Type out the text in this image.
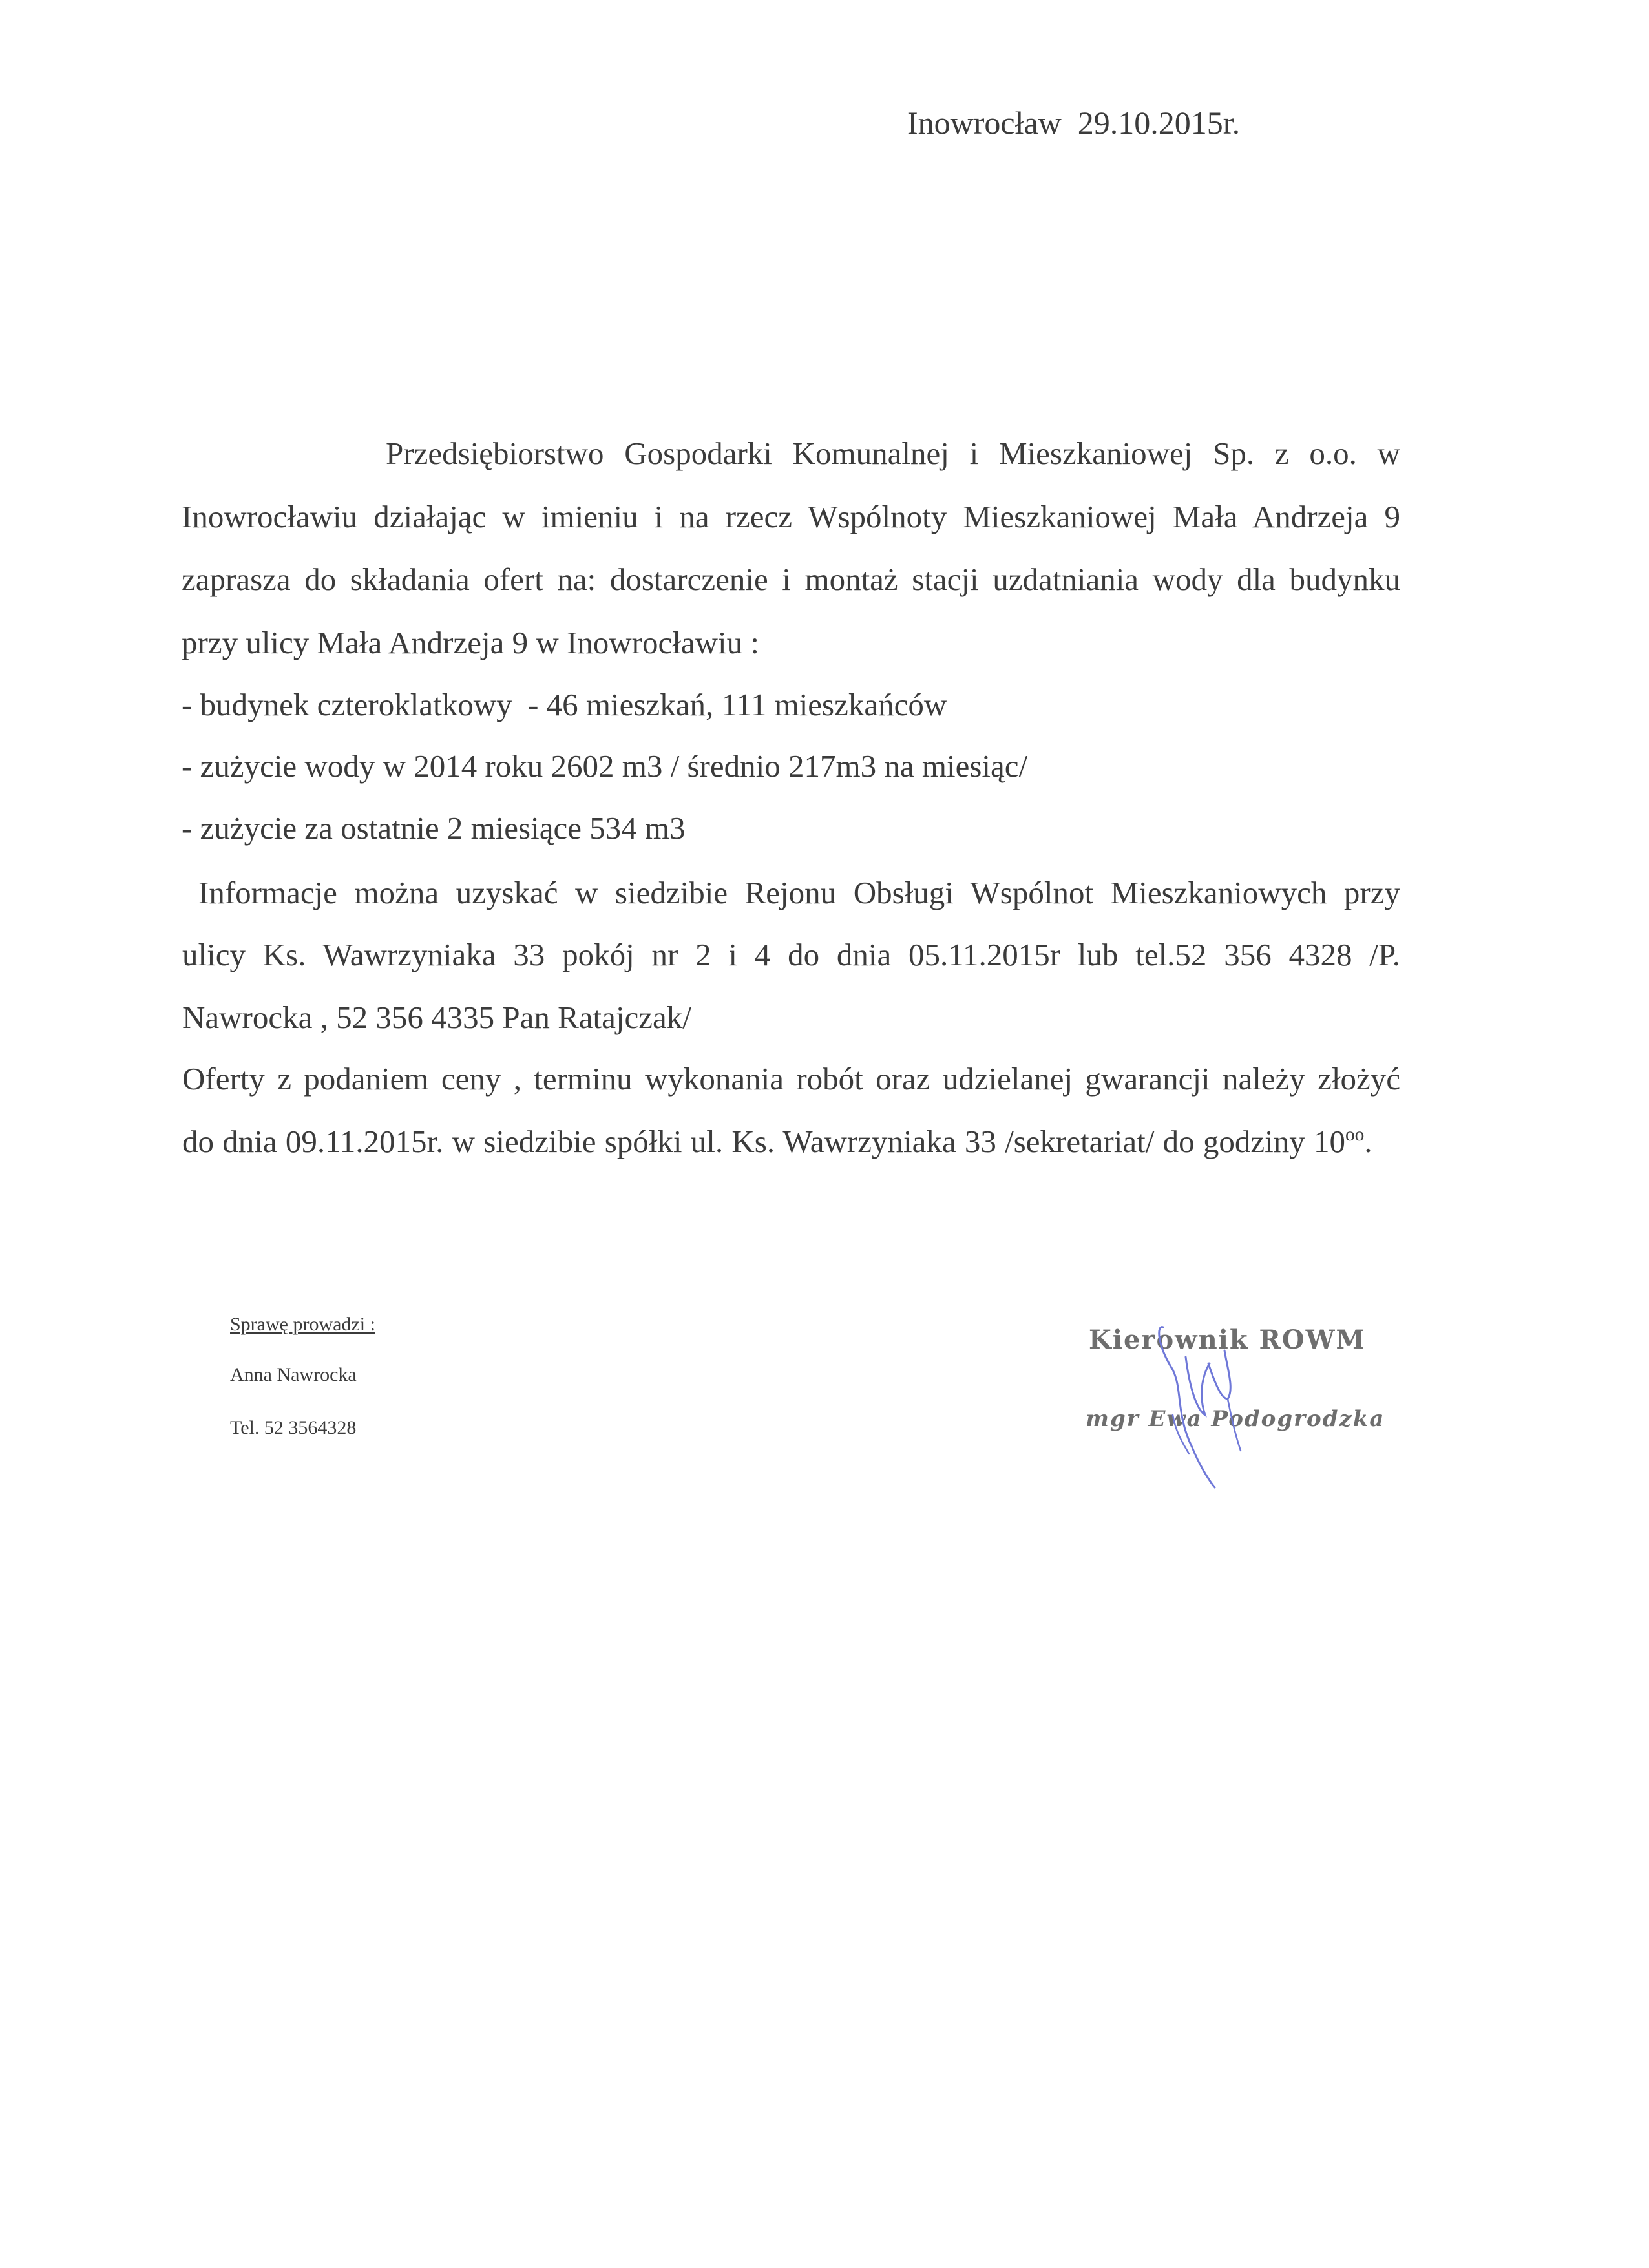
Inowrocław  29.10.2015r.
Przedsiębiorstwo Gospodarki Komunalnej i Mieszkaniowej Sp. z o.o. w
Inowrocławiu działając w imieniu i na rzecz Wspólnoty Mieszkaniowej Mała Andrzeja 9
zaprasza do składania ofert na: dostarczenie i montaż stacji uzdatniania wody dla budynku
przy ulicy Mała Andrzeja 9 w Inowrocławiu :
- budynek czteroklatkowy  - 46 mieszkań, 111 mieszkańców
- zużycie wody w 2014 roku 2602 m3 / średnio 217m3 na miesiąc/
- zużycie za ostatnie 2 miesiące 534 m3
Informacje można uzyskać w siedzibie Rejonu Obsługi Wspólnot Mieszkaniowych przy
ulicy Ks. Wawrzyniaka 33 pokój nr 2 i 4 do dnia 05.11.2015r lub tel.52 356 4328 /P.
Nawrocka , 52 356 4335 Pan Ratajczak/
Oferty z podaniem ceny , terminu wykonania robót oraz udzielanej gwarancji należy złożyć
do dnia 09.11.2015r. w siedzibie spółki ul. Ks. Wawrzyniaka 33 /sekretariat/ do godziny $10^{oo}$.
Sprawę prowadzi :
Anna Nawrocka
Tel. 52 3564328
Kierownik ROWM
mgr Ewa Podogrodzka
